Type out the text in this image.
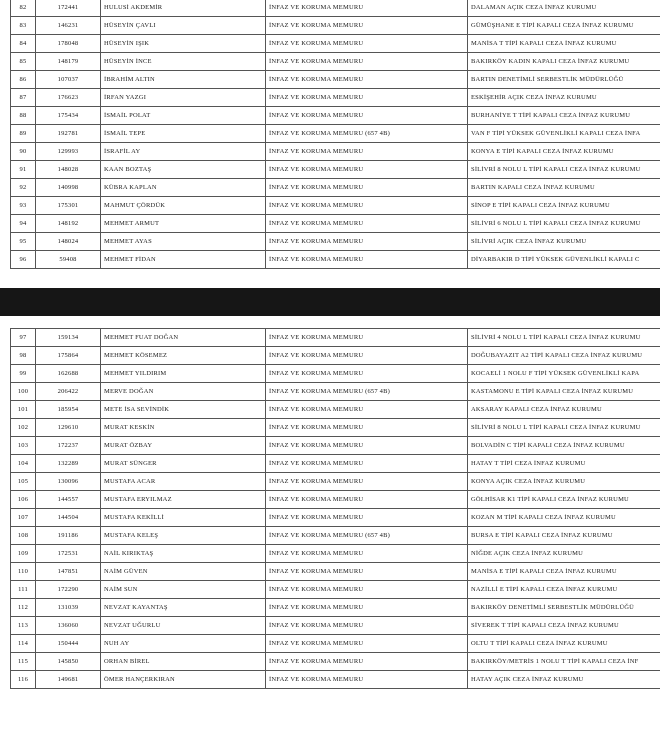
82	172441	HULUSİ AKDEMİR	İNFAZ VE KORUMA MEMURU	DALAMAN AÇIK CEZA İNFAZ KURUMU
83	146231	HÜSEYİN ÇAVLI	İNFAZ VE KORUMA MEMURU	GÜMÜŞHANE E TİPİ KAPALI CEZA İNFAZ KURUMU
84	178048	HÜSEYİN IŞIK	İNFAZ VE KORUMA MEMURU	MANİSA T TİPİ KAPALI CEZA İNFAZ KURUMU
85	148179	HÜSEYİN İNCE	İNFAZ VE KORUMA MEMURU	BAKIRKÖY KADIN KAPALI CEZA İNFAZ KURUMU
86	107037	İBRAHİM ALTIN	İNFAZ VE KORUMA MEMURU	BARTIN DENETİMLİ SERBESTLİK MÜDÜRLÜĞÜ
87	176623	İRFAN YAZGI	İNFAZ VE KORUMA MEMURU	ESKİŞEHİR AÇIK CEZA İNFAZ KURUMU
88	175434	İSMAİL POLAT	İNFAZ VE KORUMA MEMURU	BURHANİYE T TİPİ KAPALI CEZA İNFAZ KURUMU
89	192781	İSMAİL TEPE	İNFAZ VE KORUMA MEMURU (657 4B)	VAN F TİPİ YÜKSEK GÜVENLİKLİ KAPALI CEZA İNFA
90	129993	İSRAFİL AY	İNFAZ VE KORUMA MEMURU	KONYA E TİPİ KAPALI CEZA İNFAZ KURUMU
91	148028	KAAN BOZTAŞ	İNFAZ VE KORUMA MEMURU	SİLİVRİ 8 NOLU L TİPİ KAPALI CEZA İNFAZ KURUMU
92	140998	KÜBRA KAPLAN	İNFAZ VE KORUMA MEMURU	BARTIN KAPALI CEZA İNFAZ KURUMU
93	175301	MAHMUT ÇÖRDÜK	İNFAZ VE KORUMA MEMURU	SİNOP E TİPİ KAPALI CEZA İNFAZ KURUMU
94	148192	MEHMET ARMUT	İNFAZ VE KORUMA MEMURU	SİLİVRİ 6 NOLU L TİPİ KAPALI CEZA İNFAZ KURUMU
95	148024	MEHMET AYAS	İNFAZ VE KORUMA MEMURU	SİLİVRİ AÇIK CEZA İNFAZ KURUMU
96	59408	MEHMET FİDAN	İNFAZ VE KORUMA MEMURU	DİYARBAKIR D TİPİ YÜKSEK GÜVENLİKLİ KAPALI C
97	159134	MEHMET FUAT DOĞAN	İNFAZ VE KORUMA MEMURU	SİLİVRİ 4 NOLU L TİPİ KAPALI CEZA İNFAZ KURUMU
98	175864	MEHMET KÖSEMEZ	İNFAZ VE KORUMA MEMURU	DOĞUBAYAZIT A2 TİPİ KAPALI CEZA İNFAZ KURUMU
99	162688	MEHMET YILDIRIM	İNFAZ VE KORUMA MEMURU	KOCAELİ 1 NOLU F TİPİ YÜKSEK GÜVENLİKLİ KAPA
100	206422	MERVE DOĞAN	İNFAZ VE KORUMA MEMURU (657 4B)	KASTAMONU E TİPİ KAPALI CEZA İNFAZ KURUMU
101	185954	METE İSA SEVİNDİK	İNFAZ VE KORUMA MEMURU	AKSARAY KAPALI CEZA İNFAZ KURUMU
102	129610	MURAT KESKİN	İNFAZ VE KORUMA MEMURU	SİLİVRİ 8 NOLU L TİPİ KAPALI CEZA İNFAZ KURUMU
103	172237	MURAT ÖZBAY	İNFAZ VE KORUMA MEMURU	BOLVADİN C TİPİ KAPALI CEZA İNFAZ KURUMU
104	132289	MURAT SÜNGER	İNFAZ VE KORUMA MEMURU	HATAY T TİPİ CEZA İNFAZ KURUMU
105	130096	MUSTAFA ACAR	İNFAZ VE KORUMA MEMURU	KONYA AÇIK CEZA İNFAZ KURUMU
106	144557	MUSTAFA ERYILMAZ	İNFAZ VE KORUMA MEMURU	GÖLHİSAR K1 TİPİ KAPALI CEZA İNFAZ KURUMU
107	144504	MUSTAFA KEKİLLİ	İNFAZ VE KORUMA MEMURU	KOZAN M TİPİ KAPALI CEZA İNFAZ KURUMU
108	191186	MUSTAFA KELEŞ	İNFAZ VE KORUMA MEMURU (657 4B)	BURSA E TİPİ KAPALI CEZA İNFAZ KURUMU
109	172531	NAİL KIRIKTAŞ	İNFAZ VE KORUMA MEMURU	NİĞDE AÇIK CEZA İNFAZ KURUMU
110	147851	NAİM GÜVEN	İNFAZ VE KORUMA MEMURU	MANİSA E TİPİ KAPALI CEZA İNFAZ KURUMU
111	172290	NAİM SUN	İNFAZ VE KORUMA MEMURU	NAZİLLİ E TİPİ KAPALI CEZA İNFAZ KURUMU
112	131039	NEVZAT KAYANTAŞ	İNFAZ VE KORUMA MEMURU	BAKIRKÖY DENETİMLİ SERBESTLİK MÜDÜRLÜĞÜ
113	136060	NEVZAT UĞURLU	İNFAZ VE KORUMA MEMURU	SİVEREK T TİPİ KAPALI CEZA İNFAZ KURUMU
114	150444	NUH AY	İNFAZ VE KORUMA MEMURU	OLTU T TİPİ KAPALI CEZA İNFAZ KURUMU
115	145850	ORHAN BİREL	İNFAZ VE KORUMA MEMURU	BAKIRKÖY/METRİS 1 NOLU T TİPİ KAPALI CEZA İNF
116	149681	ÖMER HANÇERKIRAN	İNFAZ VE KORUMA MEMURU	HATAY AÇIK CEZA İNFAZ KURUMU
